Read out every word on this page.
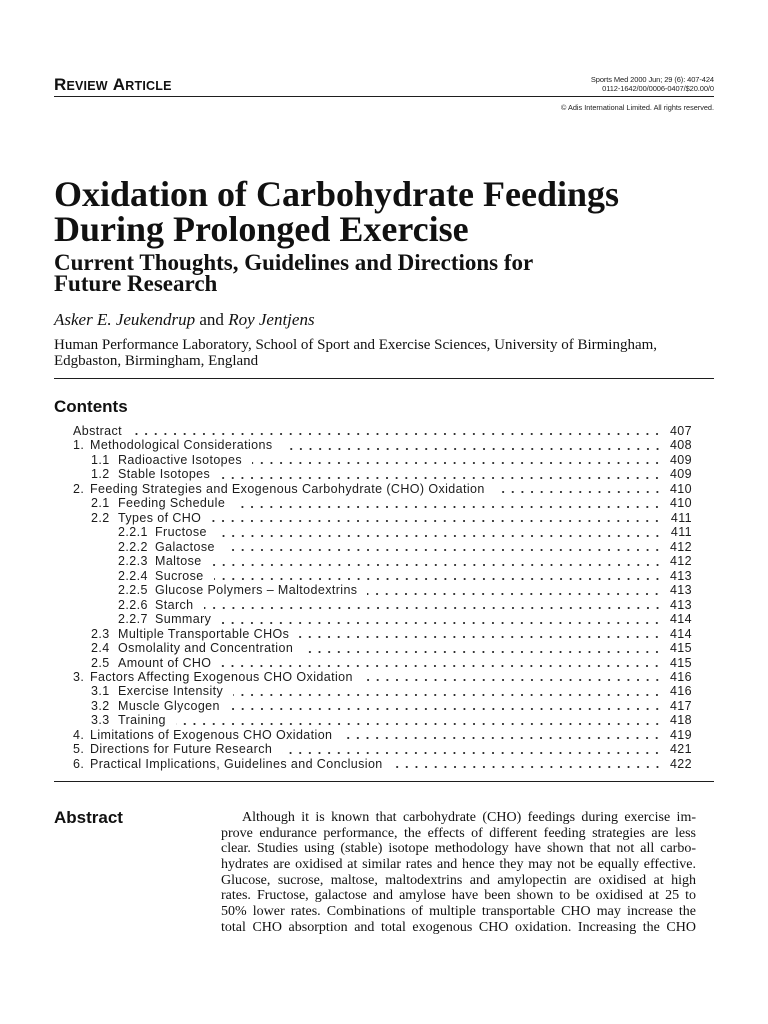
REVIEW ARTICLE	Sports Med 2000 Jun; 29 (6): 407-424
0112-1642/00/0006-0407/$20.00/0
© Adis International Limited. All rights reserved.
Oxidation of Carbohydrate Feedings
During Prolonged Exercise
Current Thoughts, Guidelines and Directions for
Future Research
Asker E. Jeukendrup and Roy Jentjens
Human Performance Laboratory, School of Sport and Exercise Sciences, University of Birmingham,
Edgbaston, Birmingham, England
Contents
Abstract	407
1. Methodological Considerations	408
1.1 Radioactive Isotopes	409
1.2 Stable Isotopes	409
2. Feeding Strategies and Exogenous Carbohydrate (CHO) Oxidation	410
2.1 Feeding Schedule	410
2.2 Types of CHO	411
2.2.1 Fructose	411
2.2.2 Galactose	412
2.2.3 Maltose	412
2.2.4 Sucrose	413
2.2.5 Glucose Polymers – Maltodextrins	413
2.2.6 Starch	413
2.2.7 Summary	414
2.3 Multiple Transportable CHOs	414
2.4 Osmolality and Concentration	415
2.5 Amount of CHO	415
3. Factors Affecting Exogenous CHO Oxidation	416
3.1 Exercise Intensity	416
3.2 Muscle Glycogen	417
3.3 Training	418
4. Limitations of Exogenous CHO Oxidation	419
5. Directions for Future Research	421
6. Practical Implications, Guidelines and Conclusion	422
Abstract	Although it is known that carbohydrate (CHO) feedings during exercise im-
prove endurance performance, the effects of different feeding strategies are less
clear. Studies using (stable) isotope methodology have shown that not all carbo-
hydrates are oxidised at similar rates and hence they may not be equally effective.
Glucose, sucrose, maltose, maltodextrins and amylopectin are oxidised at high
rates. Fructose, galactose and amylose have been shown to be oxidised at 25 to
50% lower rates. Combinations of multiple transportable CHO may increase the
total CHO absorption and total exogenous CHO oxidation. Increasing the CHO
